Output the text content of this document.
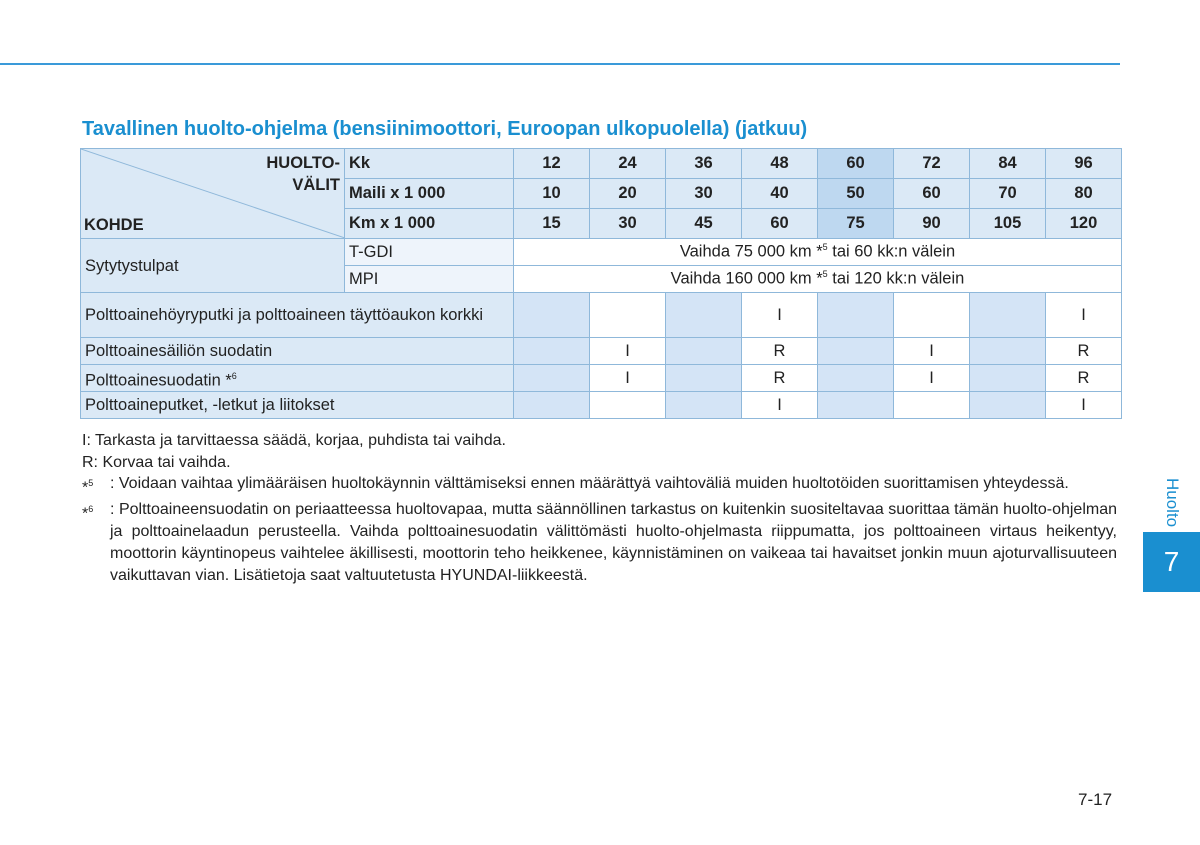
Tavallinen huolto-ohjelma (bensiinimoottori, Euroopan ulkopuolella) (jatkuu)
HUOLTO-
VÄLIT
KOHDE	Kk	12	24	36	48	60	72	84	96
	Maili x 1 000	10	20	30	40	50	60	70	80
	Km x 1 000	15	30	45	60	75	90	105	120
Sytytystulpat	T-GDI	Vaihda 75 000 km *$^5$ tai 60 kk:n välein							
	MPI	Vaihda 160 000 km *$^5$ tai 120 kk:n välein							
Polttoainehöyryputki ja polttoaineen täyttöaukon korkki					I				I
Polttoainesäiliön suodatin			I		R		I		R
Polttoainesuodatin *$^6$			I		R		I		R
Polttoaineputket, -letkut ja liitokset					I				I

I: Tarkasta ja tarvittaessa säädä, korjaa, puhdista tai vaihda.

R: Korvaa tai vaihda.

*$^5$	: Voidaan vaihtaa ylimääräisen huoltokäynnin välttämiseksi ennen määrättyä vaihtoväliä muiden huoltotöiden suorittamisen yhteydessä.
*$^6$	: Polttoaineensuodatin on periaatteessa huoltovapaa, mutta säännöllinen tarkastus on kuitenkin suositeltavaa suorittaa tämän huolto-ohjelman ja polttoainelaadun perusteella. Vaihda polttoainesuodatin välittömästi huolto-ohjelmasta riippumatta, jos polttoaineen virtaus heikentyy, moottorin käyntinopeus vaihtelee äkillisesti, moottorin teho heikkenee, käynnistäminen on vaikeaa tai havaitset jonkin muun ajoturvallisuuteen vaikuttavan vian. Lisätietoja saat valtuutetusta HYUNDAI-liikkeestä.
Huolto
7
7-17
